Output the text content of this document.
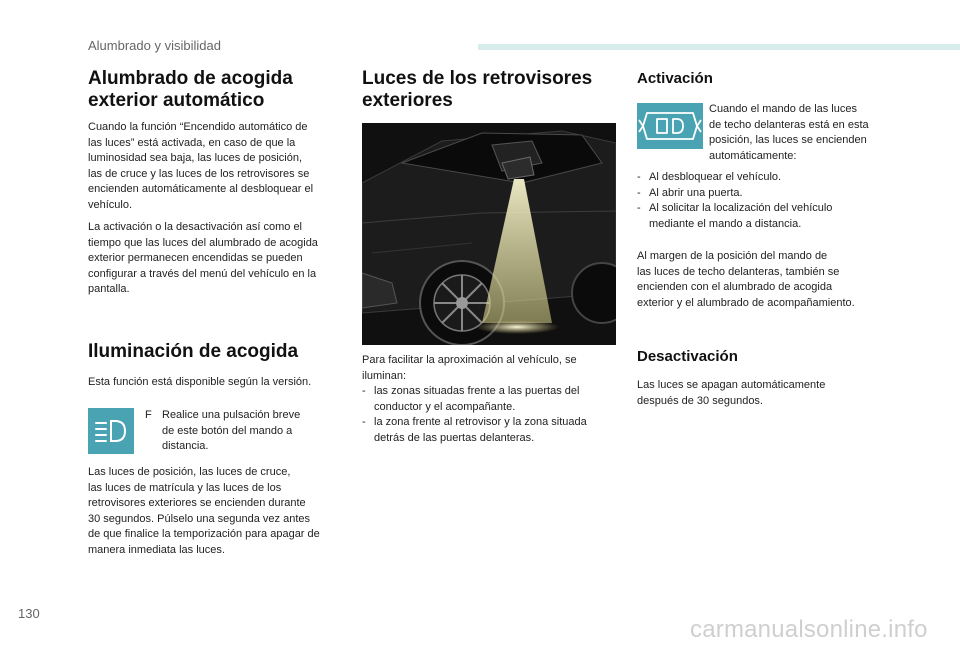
Alumbrado y visibilidad
Alumbrado de acogida
exterior automático

Cuando la función “Encendido automático de
las luces” está activada, en caso de que la
luminosidad sea baja, las luces de posición,
las de cruce y las luces de los retrovisores se
encienden automáticamente al desbloquear el
vehículo.

La activación o la desactivación así como el
tiempo que las luces del alumbrado de acogida
exterior permanecen encendidas se pueden
configurar a través del menú del vehículo en la
pantalla.

Iluminación de acogida

Esta función está disponible según la versión.

F Realice una pulsación breve
de este botón del mando a
distancia.

Las luces de posición, las luces de cruce,
las luces de matrícula y las luces de los
retrovisores exteriores se encienden durante
30 segundos. Púlselo una segunda vez antes
de que finalice la temporización para apagar de
manera inmediata las luces.

Luces de los retrovisores
exteriores

Para facilitar la aproximación al vehículo, se
iluminan:

- las zonas situadas frente a las puertas del
conductor y el acompañante.
- la zona frente al retrovisor y la zona situada
detrás de las puertas delanteras.
Activación

Cuando el mando de las luces
de techo delanteras está en esta
posición, las luces se encienden
automáticamente:

- Al desbloquear el vehículo.
- Al abrir una puerta.
- Al solicitar la localización del vehículo
mediante el mando a distancia.

Al margen de la posición del mando de
las luces de techo delanteras, también se
encienden con el alumbrado de acogida
exterior y el alumbrado de acompañamiento.

Desactivación

Las luces se apagan automáticamente
después de 30 segundos.

130
carmanualsonline.info
